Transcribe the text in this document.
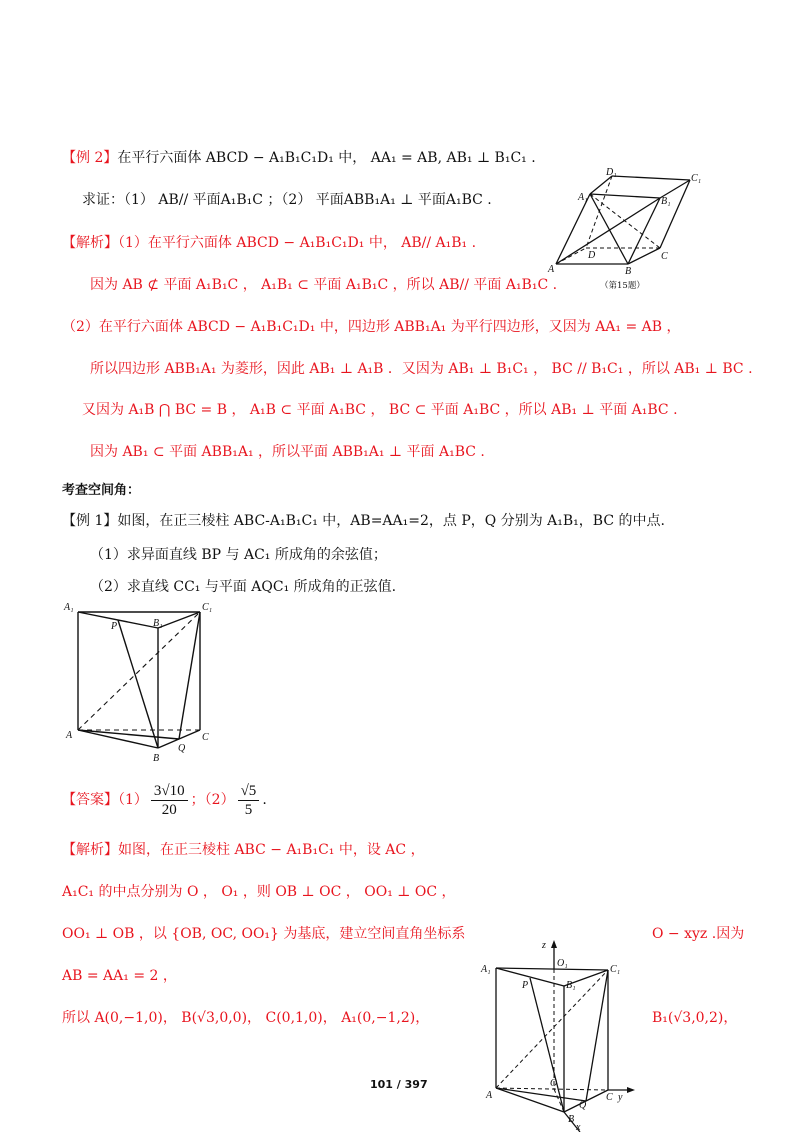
【例 2】在平行六面体 ABCD − A₁B₁C₁D₁ 中， AA₁ = AB, AB₁ ⊥ B₁C₁ .
求证：（1） AB// 平面A₁B₁C ；（2） 平面ABB₁A₁ ⊥ 平面A₁BC .
【解析】（1）在平行六面体 ABCD − A₁B₁C₁D₁ 中， AB// A₁B₁ .
因为 AB ⊄ 平面 A₁B₁C ， A₁B₁ ⊂ 平面 A₁B₁C ，所以 AB// 平面 A₁B₁C .
（2）在平行六面体 ABCD − A₁B₁C₁D₁ 中，四边形 ABB₁A₁ 为平行四边形，又因为 AA₁ = AB ，
所以四边形 ABB₁A₁ 为菱形，因此 AB₁ ⊥ A₁B ．又因为 AB₁ ⊥ B₁C₁ ， BC // B₁C₁ ，所以 AB₁ ⊥ BC .
又因为 A₁B ⋂ BC = B ， A₁B ⊂ 平面 A₁BC ， BC ⊂ 平面 A₁BC ，所以 AB₁ ⊥ 平面 A₁BC .
因为 AB₁ ⊂ 平面 ABB₁A₁ ，所以平面 ABB₁A₁ ⊥ 平面 A₁BC .
D₁
C₁
A₁	B₁
D
A	B
C
（第15题）
考查空间角：
【例 1】如图，在正三棱柱 ABC-A₁B₁C₁ 中，AB=AA₁=2，点 P，Q 分别为 A₁B₁，BC 的中点.
（1）求异面直线 BP 与 AC₁ 所成角的余弦值；
（2）求直线 CC₁ 与平面 AQC₁ 所成角的正弦值.
A₁	C₁
P	B₁
A	C
Q
B
【答案】$(1) \frac{3√10}{20}$ ；$(2) \frac{√5}{5}$ .
【解析】如图，在正三棱柱 ABC − A₁B₁C₁ 中，设 AC ，
A₁C₁ 的中点分别为 O ， O₁ ，则 OB ⊥ OC ， OO₁ ⊥ OC ，
OO₁ ⊥ OB ，以 {OB, OC, OO₁} 为基底，建立空间直角坐标系	O − xyz .因为
AB = AA₁ = 2 ，
所以 A(0,−1,0)， B(√3,0,0)， C(0,1,0)， A₁(0,−1,2)，	B₁(√3,0,2)，
z
O₁
A₁	C₁
P	B₁
O
A	C y
Q
B
x
101 / 397
